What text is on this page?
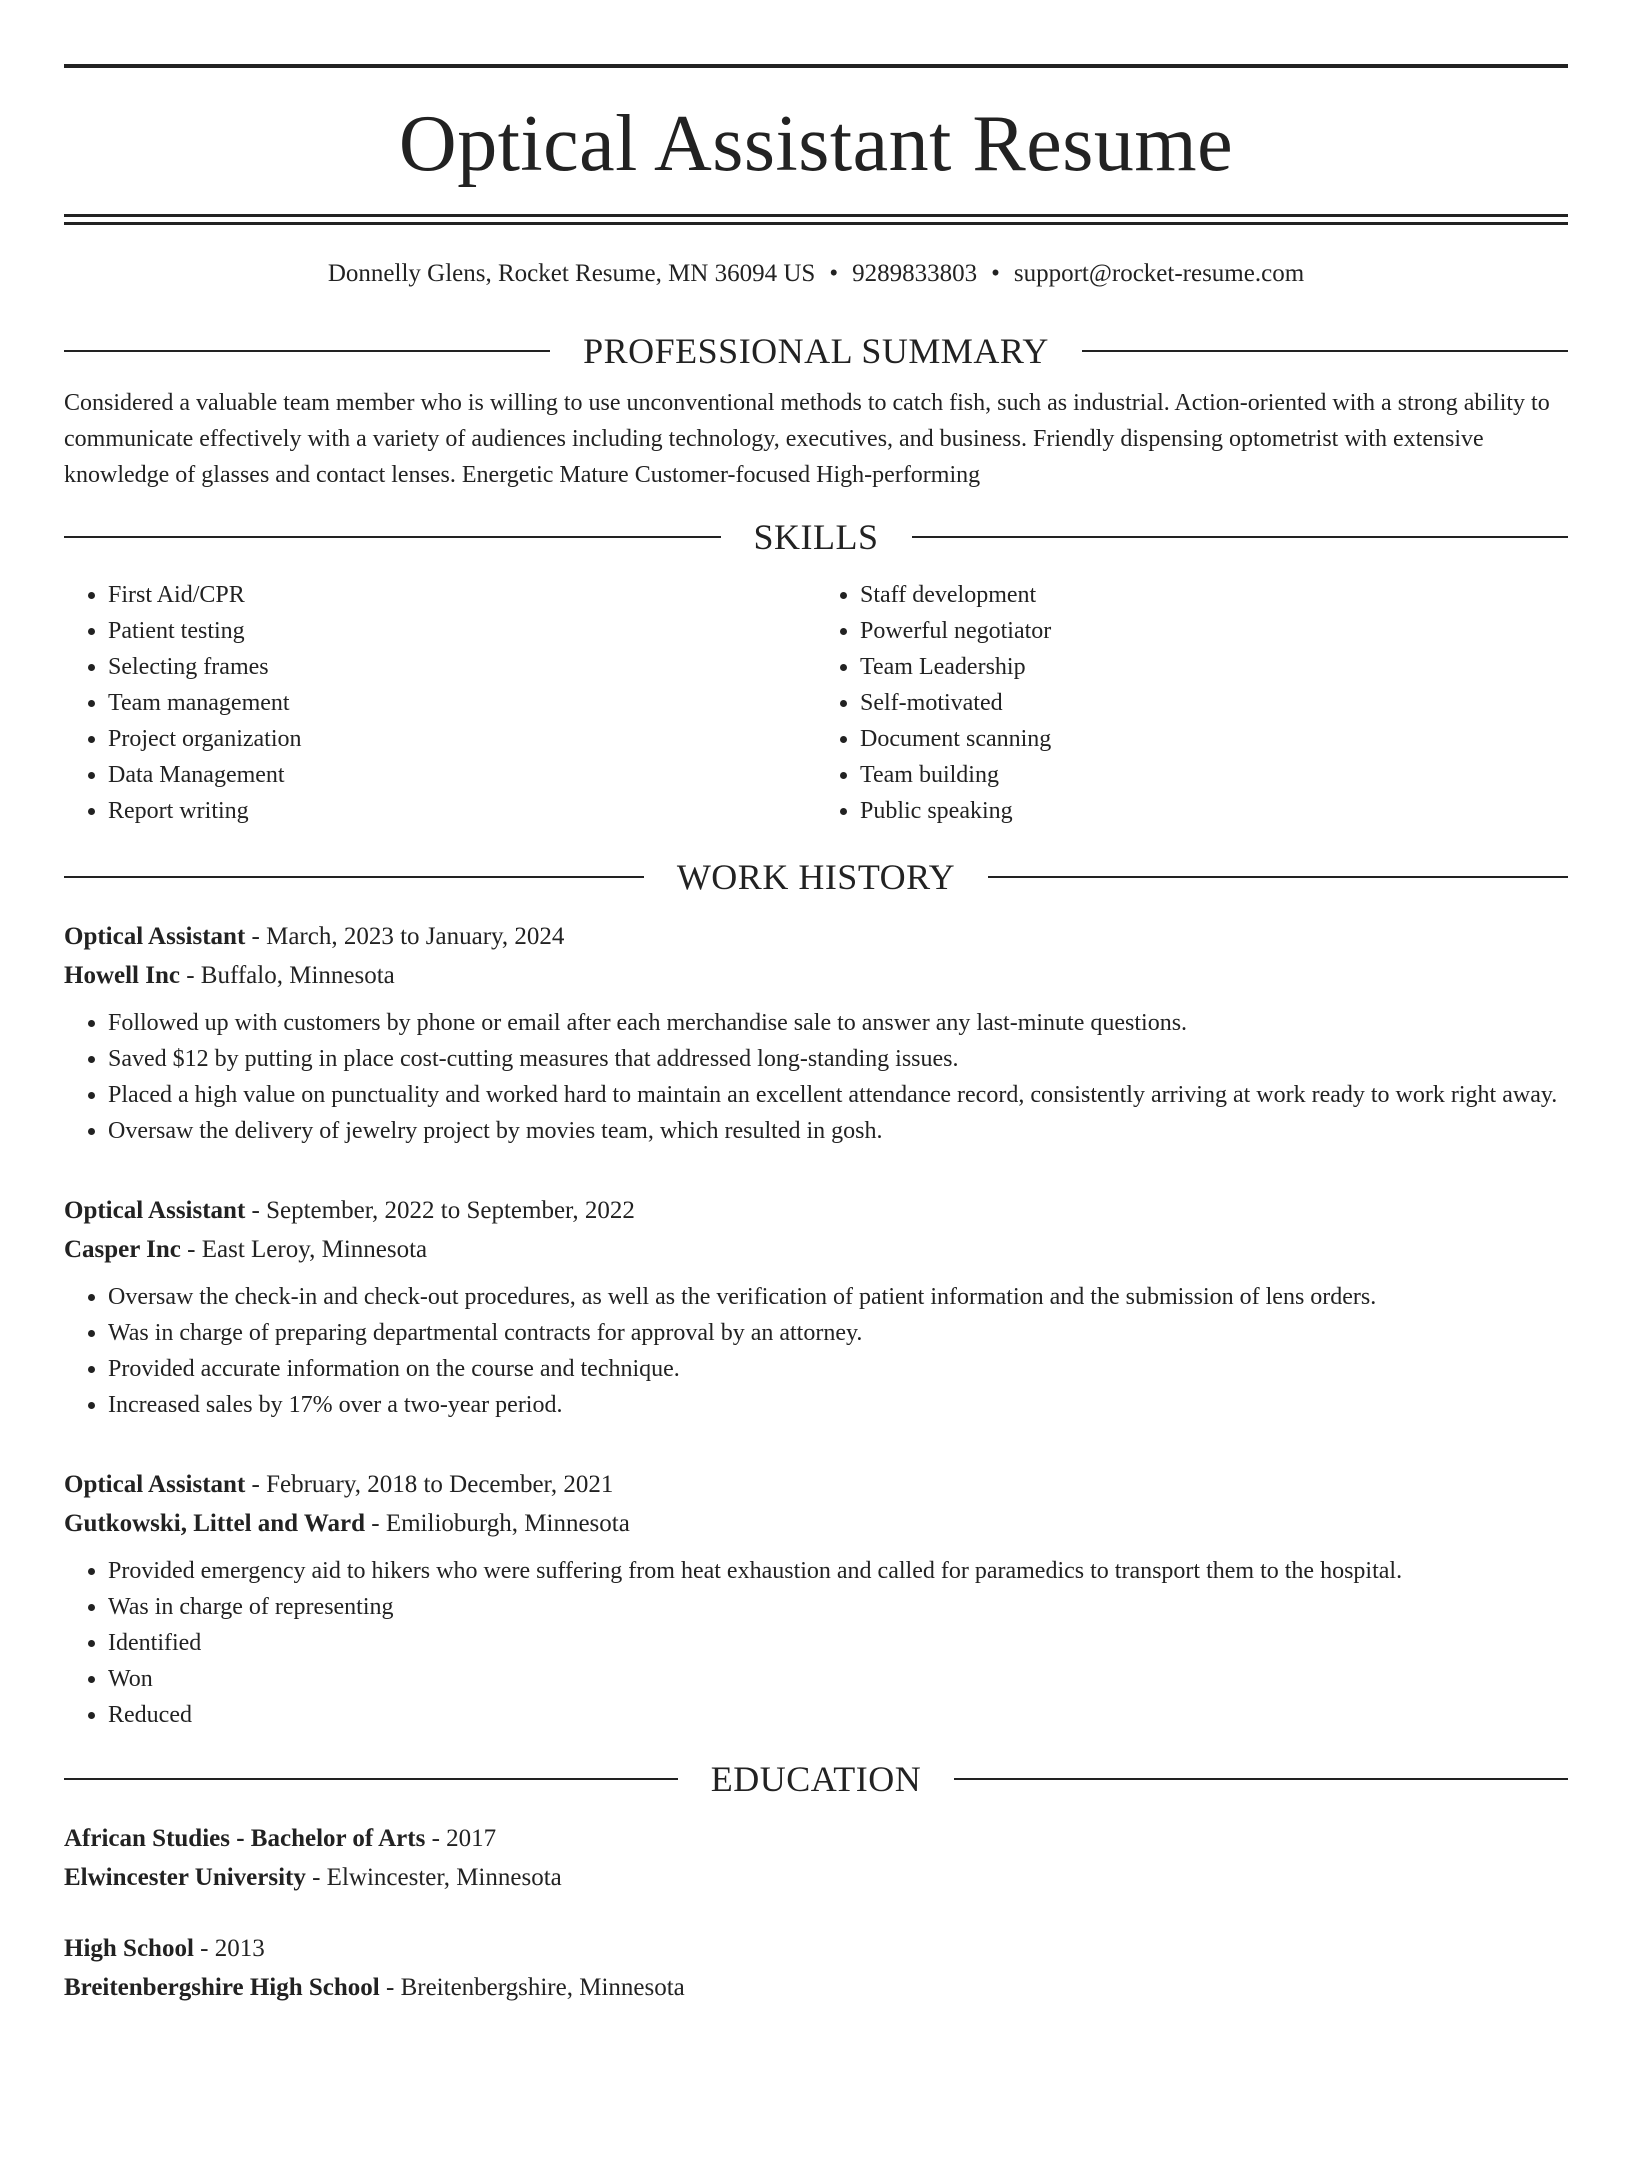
Optical Assistant Resume
Donnelly Glens, Rocket Resume, MN 36094 US • 9289833803 • support@rocket-resume.com
PROFESSIONAL SUMMARY
Considered a valuable team member who is willing to use unconventional methods to catch fish, such as industrial. Action-oriented with a strong ability to communicate effectively with a variety of audiences including technology, executives, and business. Friendly dispensing optometrist with extensive knowledge of glasses and contact lenses. Energetic Mature Customer-focused High-performing
SKILLS
• First Aid/CPR
• Patient testing
• Selecting frames
• Team management
• Project organization
• Data Management
• Report writing
• Staff development
• Powerful negotiator
• Team Leadership
• Self-motivated
• Document scanning
• Team building
• Public speaking
WORK HISTORY
Optical Assistant - March, 2023 to January, 2024
Howell Inc - Buffalo, Minnesota
• Followed up with customers by phone or email after each merchandise sale to answer any last-minute questions.
• Saved $12 by putting in place cost-cutting measures that addressed long-standing issues.
• Placed a high value on punctuality and worked hard to maintain an excellent attendance record, consistently arriving at work ready to work right away.
• Oversaw the delivery of jewelry project by movies team, which resulted in gosh.
Optical Assistant - September, 2022 to September, 2022
Casper Inc - East Leroy, Minnesota
• Oversaw the check-in and check-out procedures, as well as the verification of patient information and the submission of lens orders.
• Was in charge of preparing departmental contracts for approval by an attorney.
• Provided accurate information on the course and technique.
• Increased sales by 17% over a two-year period.
Optical Assistant - February, 2018 to December, 2021
Gutkowski, Littel and Ward - Emilioburgh, Minnesota
• Provided emergency aid to hikers who were suffering from heat exhaustion and called for paramedics to transport them to the hospital.
• Was in charge of representing
• Identified
• Won
• Reduced
EDUCATION
African Studies - Bachelor of Arts - 2017
Elwincester University - Elwincester, Minnesota
High School - 2013
Breitenbergshire High School - Breitenbergshire, Minnesota
